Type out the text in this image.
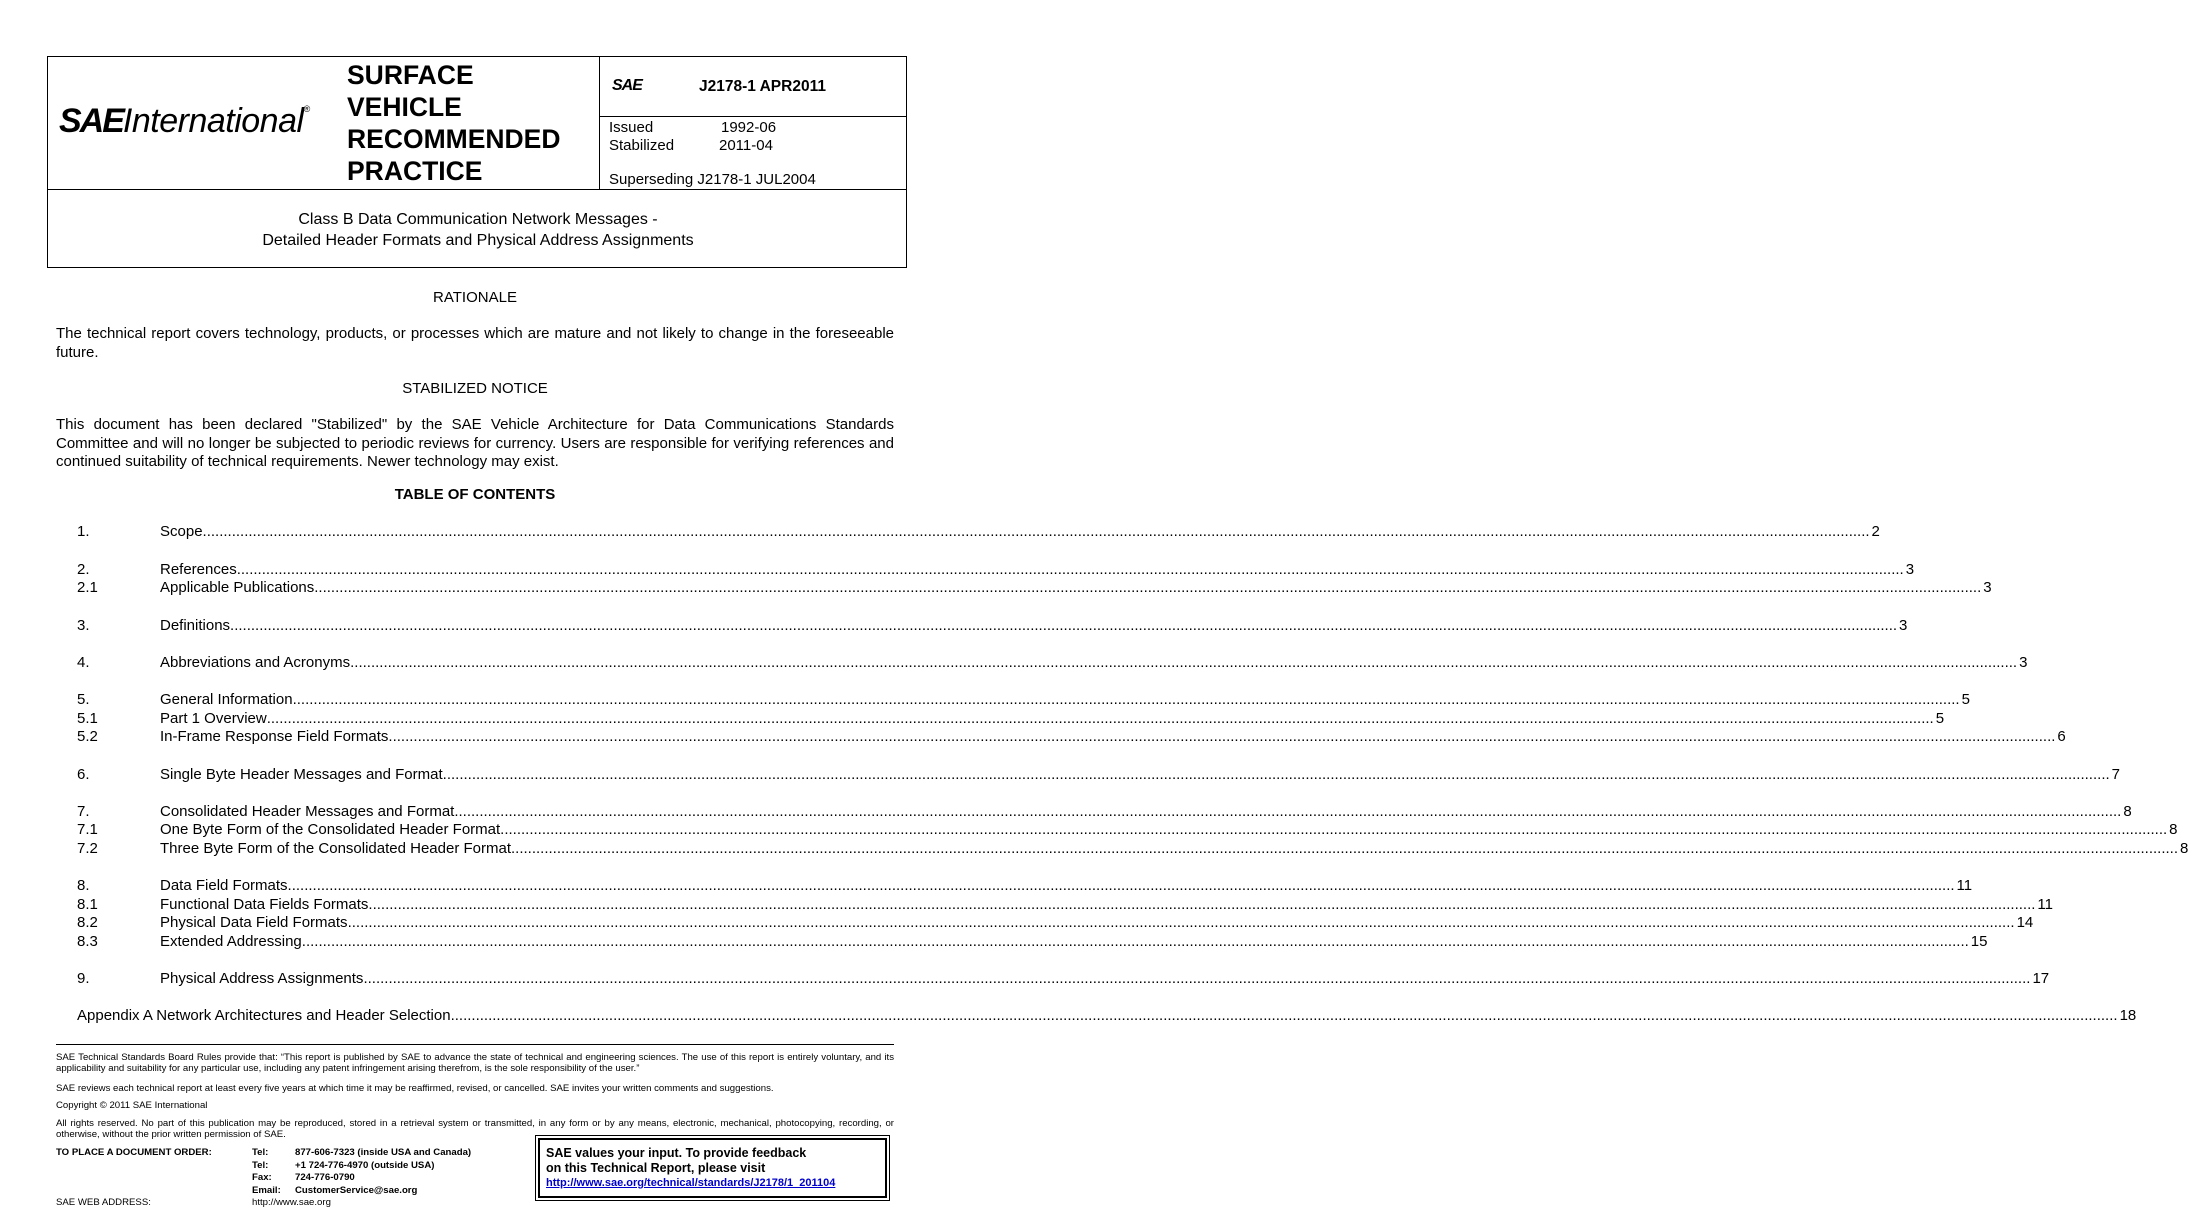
SAEInternational®
SURFACE
VEHICLE
RECOMMENDED
PRACTICE
SAE	J2178-1 APR2011
Issued	1992-06
Stabilized	2011-04
Superseding J2178-1 JUL2004
Class B Data Communication Network Messages -
Detailed Header Formats and Physical Address Assignments
RATIONALE
The technical report covers technology, products, or processes which are mature and not likely to change in the foreseeable future.
STABILIZED NOTICE
This document has been declared "Stabilized" by the SAE Vehicle Architecture for Data Communications Standards Committee and will no longer be subjected to periodic reviews for currency. Users are responsible for verifying references and continued suitability of technical requirements. Newer technology may exist.
TABLE OF CONTENTS
1.	Scope ................................................................................................................................................................................................................................................................................................................................................................................................................ 2
2.	References ................................................................................................................................................................................................................................................................................................................................................................................................................ 3
2.1	Applicable Publications ................................................................................................................................................................................................................................................................................................................................................................................................................ 3
3.	Definitions ................................................................................................................................................................................................................................................................................................................................................................................................................ 3
4.	Abbreviations and Acronyms ................................................................................................................................................................................................................................................................................................................................................................................................................ 3
5.	General Information ................................................................................................................................................................................................................................................................................................................................................................................................................ 5
5.1	Part 1 Overview ................................................................................................................................................................................................................................................................................................................................................................................................................ 5
5.2	In-Frame Response Field Formats ................................................................................................................................................................................................................................................................................................................................................................................................................ 6
6.	Single Byte Header Messages and Format ................................................................................................................................................................................................................................................................................................................................................................................................................ 7
7.	Consolidated Header Messages and Format ................................................................................................................................................................................................................................................................................................................................................................................................................ 8
7.1	One Byte Form of the Consolidated Header Format ................................................................................................................................................................................................................................................................................................................................................................................................................ 8
7.2	Three Byte Form of the Consolidated Header Format ................................................................................................................................................................................................................................................................................................................................................................................................................ 8
8.	Data Field Formats ................................................................................................................................................................................................................................................................................................................................................................................................................ 11
8.1	Functional Data Fields Formats ................................................................................................................................................................................................................................................................................................................................................................................................................ 11
8.2	Physical Data Field Formats ................................................................................................................................................................................................................................................................................................................................................................................................................ 14
8.3	Extended Addressing ................................................................................................................................................................................................................................................................................................................................................................................................................ 15
9.	Physical Address Assignments ................................................................................................................................................................................................................................................................................................................................................................................................................ 17
Appendix A Network Architectures and Header Selection ................................................................................................................................................................................................................................................................................................................................................................................................................ 18
SAE Technical Standards Board Rules provide that: “This report is published by SAE to advance the state of technical and engineering sciences. The use of this report is entirely voluntary, and its applicability and suitability for any particular use, including any patent infringement arising therefrom, is the sole responsibility of the user.”
SAE reviews each technical report at least every five years at which time it may be reaffirmed, revised, or cancelled. SAE invites your written comments and suggestions.
Copyright © 2011 SAE International
All rights reserved. No part of this publication may be reproduced, stored in a retrieval system or transmitted, in any form or by any means, electronic, mechanical, photocopying, recording, or otherwise, without the prior written permission of SAE.
TO PLACE A DOCUMENT ORDER:	Tel:	877-606-7323 (inside USA and Canada)
Tel:	+1 724-776-4970 (outside USA)
Fax: 724-776-0790
Email: CustomerService@sae.org
SAE WEB ADDRESS:	http://www.sae.org
SAE values your input. To provide feedback
on this Technical Report, please visit
http://www.sae.org/technical/standards/J2178/1_201104
